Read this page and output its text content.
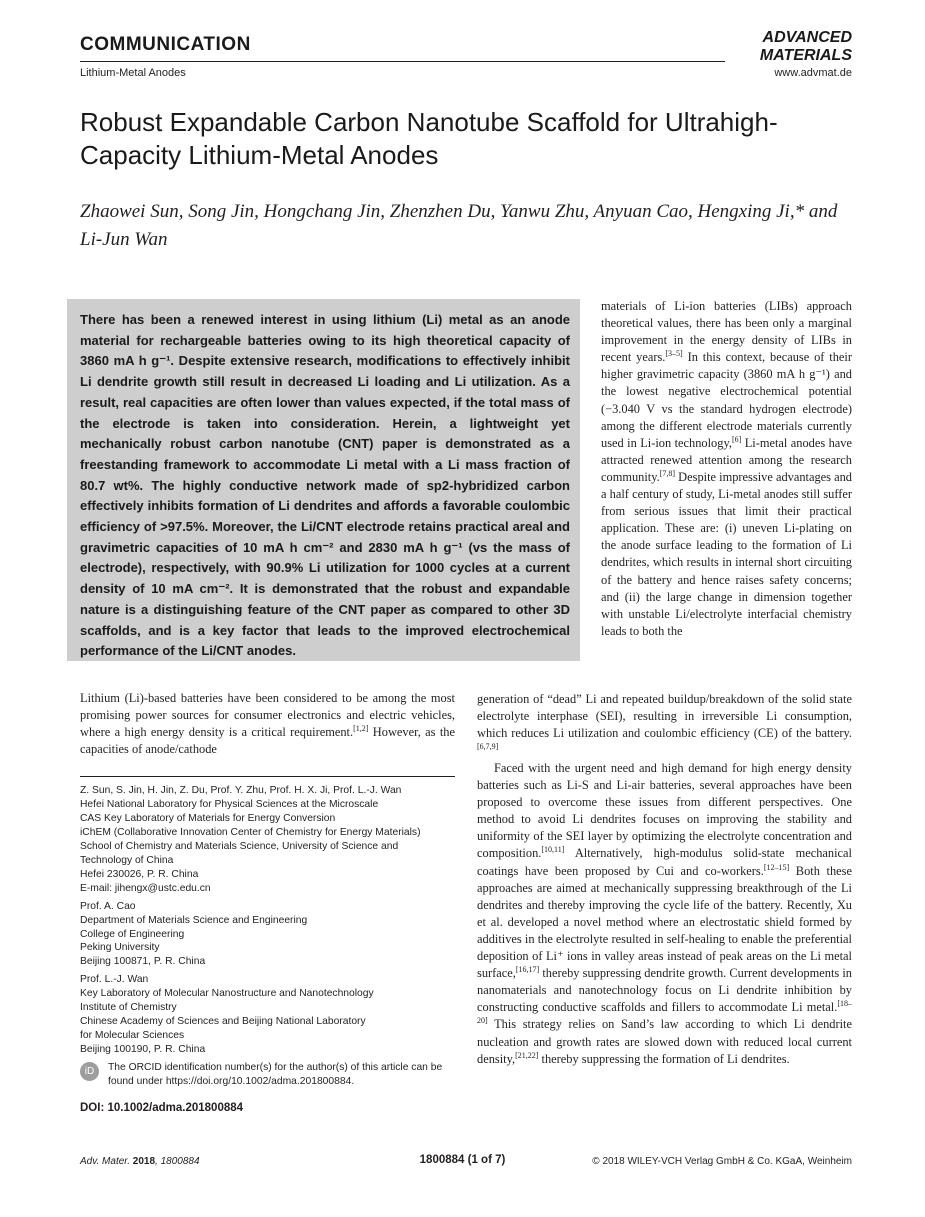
COMMUNICATION
Lithium-Metal Anodes	www.advmat.de
ADVANCED
MATERIALS
Robust Expandable Carbon Nanotube Scaffold for Ultrahigh-Capacity Lithium-Metal Anodes

Zhaowei Sun, Song Jin, Hongchang Jin, Zhenzhen Du, Yanwu Zhu, Anyuan Cao, Hengxing Ji,* and Li-Jun Wan

There has been a renewed interest in using lithium (Li) metal as an anode material for rechargeable batteries owing to its high theoretical capacity of 3860 mA h g⁻¹. Despite extensive research, modifications to effectively inhibit Li dendrite growth still result in decreased Li loading and Li utilization. As a result, real capacities are often lower than values expected, if the total mass of the electrode is taken into consideration. Herein, a lightweight yet mechanically robust carbon nanotube (CNT) paper is demonstrated as a freestanding framework to accommodate Li metal with a Li mass fraction of 80.7 wt%. The highly conductive network made of sp2-hybridized carbon effectively inhibits formation of Li dendrites and affords a favorable coulombic efficiency of >97.5%. Moreover, the Li/CNT electrode retains practical areal and gravimetric capacities of 10 mA h cm⁻² and 2830 mA h g⁻¹ (vs the mass of electrode), respectively, with 90.9% Li utilization for 1000 cycles at a current density of 10 mA cm⁻². It is demonstrated that the robust and expandable nature is a distinguishing feature of the CNT paper as compared to other 3D scaffolds, and is a key factor that leads to the improved electrochemical performance of the Li/CNT anodes.

Lithium (Li)-based batteries have been considered to be among the most promising power sources for consumer electronics and electric vehicles, where a high energy density is a critical requirement.[1,2] However, as the capacities of anode/cathode

materials of Li-ion batteries (LIBs) approach theoretical values, there has been only a marginal improvement in the energy density of LIBs in recent years.[3–5] In this context, because of their higher gravimetric capacity (3860 mA h g⁻¹) and the lowest negative electrochemical potential (−3.040 V vs the standard hydrogen electrode) among the different electrode materials currently used in Li-ion technology,[6] Li-metal anodes have attracted renewed attention among the research community.[7,8] Despite impressive advantages and a half century of study, Li-metal anodes still suffer from serious issues that limit their practical application. These are: (i) uneven Li-plating on the anode surface leading to the formation of Li dendrites, which results in internal short circuiting of the battery and hence raises safety concerns; and (ii) the large change in dimension together with unstable Li/electrolyte interfacial chemistry leads to both the

generation of “dead” Li and repeated buildup/breakdown of the solid state electrolyte interphase (SEI), resulting in irreversible Li consumption, which reduces Li utilization and coulombic efficiency (CE) of the battery.[6,7,9]

Faced with the urgent need and high demand for high energy density batteries such as Li-S and Li-air batteries, several approaches have been proposed to overcome these issues from different perspectives. One method to avoid Li dendrites focuses on improving the stability and uniformity of the SEI layer by optimizing the electrolyte concentration and composition.[10,11] Alternatively, high-modulus solid-state mechanical coatings have been proposed by Cui and co-workers.[12–15] Both these approaches are aimed at mechanically suppressing breakthrough of the Li dendrites and thereby improving the cycle life of the battery. Recently, Xu et al. developed a novel method where an electrostatic shield formed by additives in the electrolyte resulted in self-healing to enable the preferential deposition of Li⁺ ions in valley areas instead of peak areas on the Li metal surface,[16,17] thereby suppressing dendrite growth. Current developments in nanomaterials and nanotechnology focus on Li dendrite inhibition by constructing conductive scaffolds and fillers to accommodate Li metal.[18–20] This strategy relies on Sand’s law according to which Li dendrite nucleation and growth rates are slowed down with reduced local current density,[21,22] thereby suppressing the formation of Li dendrites.

Z. Sun, S. Jin, H. Jin, Z. Du, Prof. Y. Zhu, Prof. H. X. Ji, Prof. L.-J. Wan
Hefei National Laboratory for Physical Sciences at the Microscale
CAS Key Laboratory of Materials for Energy Conversion
iChEM (Collaborative Innovation Center of Chemistry for Energy Materials)
School of Chemistry and Materials Science, University of Science and
Technology of China
Hefei 230026, P. R. China
E-mail: jihengx@ustc.edu.cn
Prof. A. Cao
Department of Materials Science and Engineering
College of Engineering
Peking University
Beijing 100871, P. R. China
Prof. L.-J. Wan
Key Laboratory of Molecular Nanostructure and Nanotechnology
Institute of Chemistry
Chinese Academy of Sciences and Beijing National Laboratory
for Molecular Sciences
Beijing 100190, P. R. China
iD	The ORCID identification number(s) for the author(s) of this article can be found under https://doi.org/10.1002/adma.201800884.
DOI: 10.1002/adma.201800884
Adv. Mater. 2018, 1800884	1800884 (1 of 7)	© 2018 WILEY-VCH Verlag GmbH & Co. KGaA, Weinheim
